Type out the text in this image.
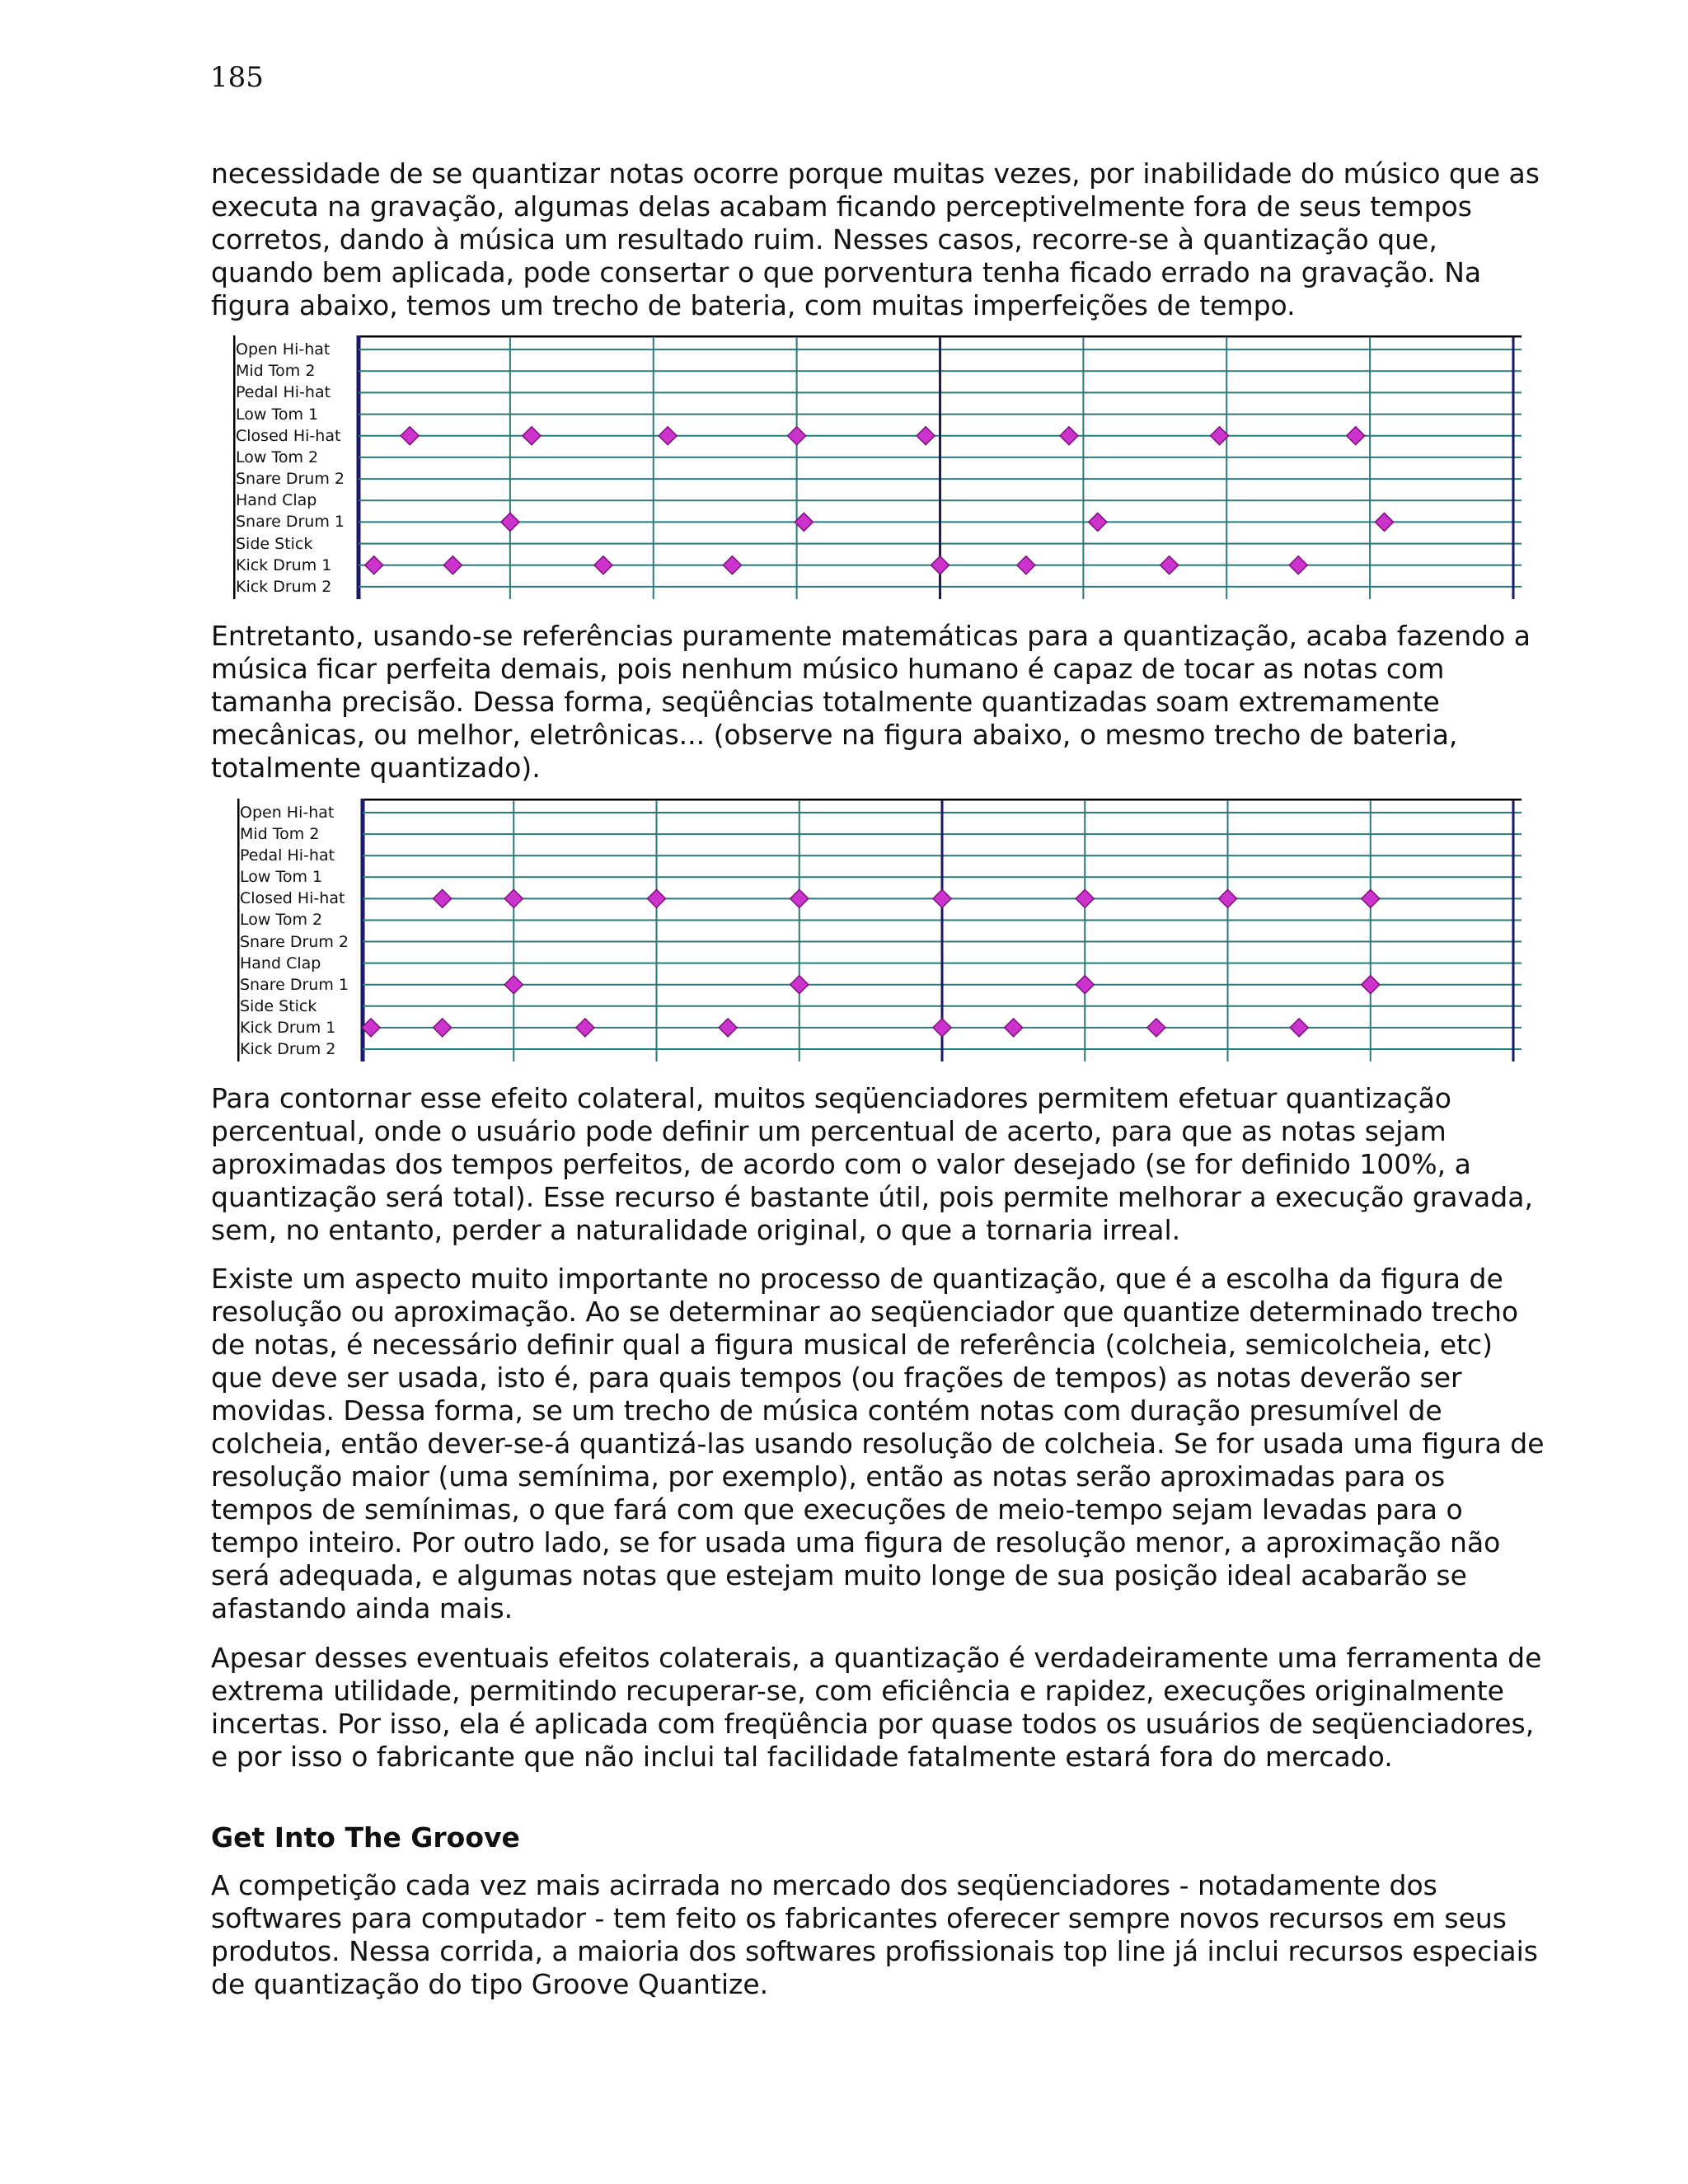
185

necessidade de se quantizar notas ocorre porque muitas vezes, por inabilidade do músico que as executa na gravação, algumas delas acabam ficando perceptivelmente fora de seus tempos corretos, dando à música um resultado ruim. Nesses casos, recorre-se à quantização que, quando bem aplicada, pode consertar o que porventura tenha ficado errado na gravação. Na figura abaixo, temos um trecho de bateria, com muitas imperfeições de tempo.

Open Hi-hat
Mid Tom 2
Pedal Hi-hat
Low Tom 1
Closed Hi-hat
Low Tom 2
Snare Drum 2
Hand Clap
Snare Drum 1
Side Stick
Kick Drum 1
Kick Drum 2

Entretanto, usando-se referências puramente matemáticas para a quantização, acaba fazendo a música ficar perfeita demais, pois nenhum músico humano é capaz de tocar as notas com tamanha precisão. Dessa forma, seqüências totalmente quantizadas soam extremamente mecânicas, ou melhor, eletrônicas... (observe na figura abaixo, o mesmo trecho de bateria, totalmente quantizado).

Open Hi-hat
Mid Tom 2
Pedal Hi-hat
Low Tom 1
Closed Hi-hat
Low Tom 2
Snare Drum 2
Hand Clap
Snare Drum 1
Side Stick
Kick Drum 1
Kick Drum 2

Para contornar esse efeito colateral, muitos seqüenciadores permitem efetuar quantização percentual, onde o usuário pode definir um percentual de acerto, para que as notas sejam aproximadas dos tempos perfeitos, de acordo com o valor desejado (se for definido 100%, a quantização será total). Esse recurso é bastante útil, pois permite melhorar a execução gravada, sem, no entanto, perder a naturalidade original, o que a tornaria irreal.

Existe um aspecto muito importante no processo de quantização, que é a escolha da figura de resolução ou aproximação. Ao se determinar ao seqüenciador que quantize determinado trecho de notas, é necessário definir qual a figura musical de referência (colcheia, semicolcheia, etc) que deve ser usada, isto é, para quais tempos (ou frações de tempos) as notas deverão ser movidas. Dessa forma, se um trecho de música contém notas com duração presumível de colcheia, então dever-se-á quantizá-las usando resolução de colcheia. Se for usada uma figura de resolução maior (uma semínima, por exemplo), então as notas serão aproximadas para os tempos de semínimas, o que fará com que execuções de meio-tempo sejam levadas para o tempo inteiro. Por outro lado, se for usada uma figura de resolução menor, a aproximação não será adequada, e algumas notas que estejam muito longe de sua posição ideal acabarão se afastando ainda mais.

Apesar desses eventuais efeitos colaterais, a quantização é verdadeiramente uma ferramenta de extrema utilidade, permitindo recuperar-se, com eficiência e rapidez, execuções originalmente incertas. Por isso, ela é aplicada com freqüência por quase todos os usuários de seqüenciadores, e por isso o fabricante que não inclui tal facilidade fatalmente estará fora do mercado.

Get Into The Groove

A competição cada vez mais acirrada no mercado dos seqüenciadores - notadamente dos softwares para computador - tem feito os fabricantes oferecer sempre novos recursos em seus produtos. Nessa corrida, a maioria dos softwares profissionais top line já inclui recursos especiais de quantização do tipo Groove Quantize.
